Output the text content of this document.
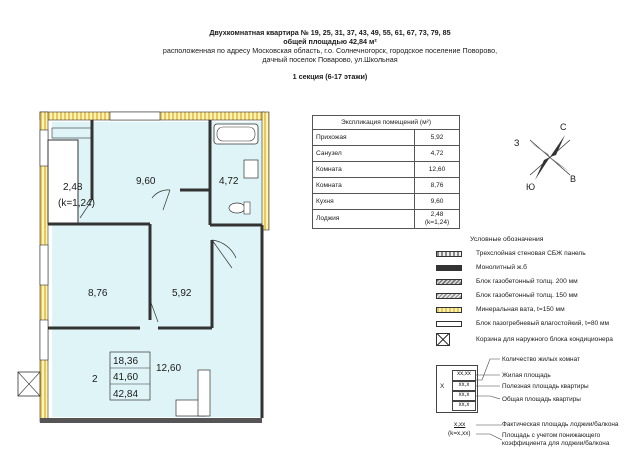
Двухкомнатная квартира № 19, 25, 31, 37, 43, 49, 55, 61, 67, 73, 79, 85
общей площадью 42,84 м²
расположенная по адресу Московская область, г.о. Солнечногорск, городское поселение Поворово,
дачный поселок Поварово, ул.Школьная
1 секция (6-17 этажи)
2,48
(k=1,24)
9,60	4,72
8,76	5,92
12,60
2
18,36
41,60
42,84
С
Ю
В
З
Экспликация помещений (м²)	
Прихожая	5,92
Санузел	4,72
Комната	12,60
Комната	8,76
Кухня	9,60
Лоджия	2,48
(k=1,24)
Условные обозначения
Трехслойная стеновая СБЖ панель
Монолитный ж.б
Блок газобетонный толщ. 200 мм
Блок газобетонный толщ. 150 мм
Минеральная вата, t=150 мм
Блок пазогребневый влагостойкий, t=80 мм
Корзина для наружного блока кондиционера
X
xx,xx
xx,x
xx,x
xx,x
Количество жилых комнат
Жилая площадь
Полезная площадь квартиры
Общая площадь квартиры
x,xx
(k=x,xx)
Фактическая площадь лоджии/балкона
Площадь с учетом понижающего
коэффициента для лоджии/балкона
